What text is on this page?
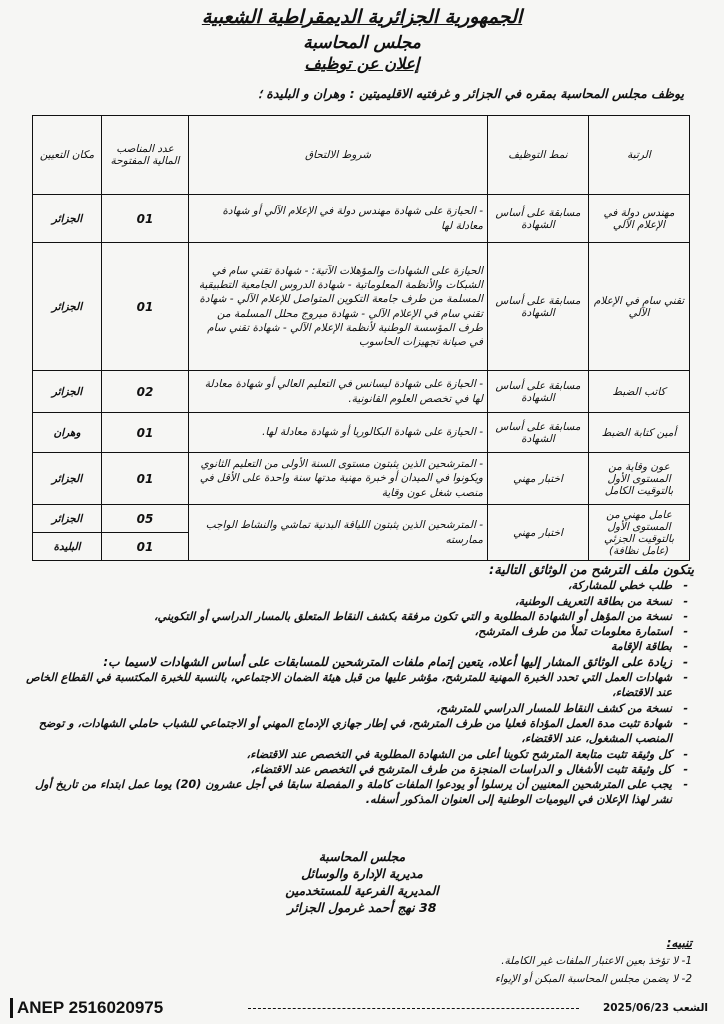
الجمهورية الجزائرية الديمقراطية الشعبية
مجلس المحاسبة
إعلان عن توظيف
يوظف مجلس المحاسبة بمقره في الجزائر و غرفتيه الاقليميتين : وهران و البليدة ؛
الرتبة	نمط التوظيف	شروط الالتحاق	عدد المناصب المالية المفتوحة	مكان التعيين
مهندس دولة في الإعلام الآلي	مسابقة على أساس الشهادة	- الحيازة على شهادة مهندس دولة في الإعلام الآلي أو شهادة معادلة لها	01	الجزائر
تقني سام في الإعلام الآلي	مسابقة على أساس الشهادة	الحيازة على الشهادات والمؤهلات الآتية: - شهادة تقني سام في الشبكات والأنظمة المعلوماتية - شهادة الدروس الجامعية التطبيقية المسلمة من طرف جامعة التكوين المتواصل للإعلام الآلي - شهادة تقني سام في الإعلام الآلي - شهادة ميروج محلل المسلمة من طرف المؤسسة الوطنية لأنظمة الإعلام الآلي - شهادة تقني سام في صيانة تجهيزات الحاسوب	01	الجزائر
كاتب الضبط	مسابقة على أساس الشهادة	- الحيازة على شهادة ليسانس في التعليم العالي أو شهادة معادلة لها في تخصص العلوم القانونية.	02	الجزائر
أمين كتابة الضبط	مسابقة على أساس الشهادة	- الحيازة على شهادة البكالوريا أو شهادة معادلة لها.	01	وهران
عون وقاية من المستوى الأول بالتوقيت الكامل	اختبار مهني	- المترشحين الذين يثبتون مستوى السنة الأولى من التعليم الثانوي ويكونوا في الميدان أو خبرة مهنية مدتها سنة واحدة على الأقل في منصب شغل عون وقاية	01	الجزائر
عامل مهني من المستوى الأول بالتوقيت الجزئي (عامل نظافة)	اختبار مهني	- المترشحين الذين يثبتون اللياقة البدنية تماشي والنشاط الواجب ممارسته	05	الجزائر
			01	البليدة
يتكون ملف الترشح من الوثائق التالية:
- طلب خطي للمشاركة،
- نسخة من بطاقة التعريف الوطنية،
- نسخة من المؤهل أو الشهادة المطلوبة و التي تكون مرفقة بكشف النقاط المتعلق بالمسار الدراسي أو التكويني،
- استمارة معلومات تملأ من طرف المترشح،
- بطاقة الإقامة
- زيادة على الوثائق المشار إليها أعلاه، يتعين إتمام ملفات المترشحين للمسابقات على أساس الشهادات لاسيما ب:
- شهادات العمل التي تحدد الخبرة المهنية للمترشح، مؤشر عليها من قبل هيئة الضمان الاجتماعي، بالنسبة للخبرة المكتسبة في القطاع الخاص عند الاقتضاء،
- نسخة من كشف النقاط للمسار الدراسي للمترشح،
- شهادة تثبت مدة العمل المؤداة فعليا من طرف المترشح، في إطار جهازي الإدماج المهني أو الاجتماعي للشباب حاملي الشهادات، و توضح المنصب المشغول، عند الاقتضاء،
- كل وثيقة تثبت متابعة المترشح تكوينا أعلى من الشهادة المطلوبة في التخصص عند الاقتضاء،
- كل وثيقة تثبت الأشغال و الدراسات المنجزة من طرف المترشح في التخصص عند الاقتضاء،
- يجب على المترشحين المعنيين أن يرسلوا أو يودعوا الملفات كاملة و المفصلة سابقا في أجل عشرون (20) يوما عمل ابتداء من تاريخ أول نشر لهذا الإعلان في اليوميات الوطنية إلى العنوان المذكور أسفله.
مجلس المحاسبة
مديرية الإدارة والوسائل
المديرية الفرعية للمستخدمين
38 نهج أحمد غرمول الجزائر
تنبيه:
1- لا تؤخذ بعين الاعتبار الملفات غير الكاملة.
2- لا يضمن مجلس المحاسبة المبكن أو الإيواء
ANEP 2516020975	الشعب 2025/06/23
